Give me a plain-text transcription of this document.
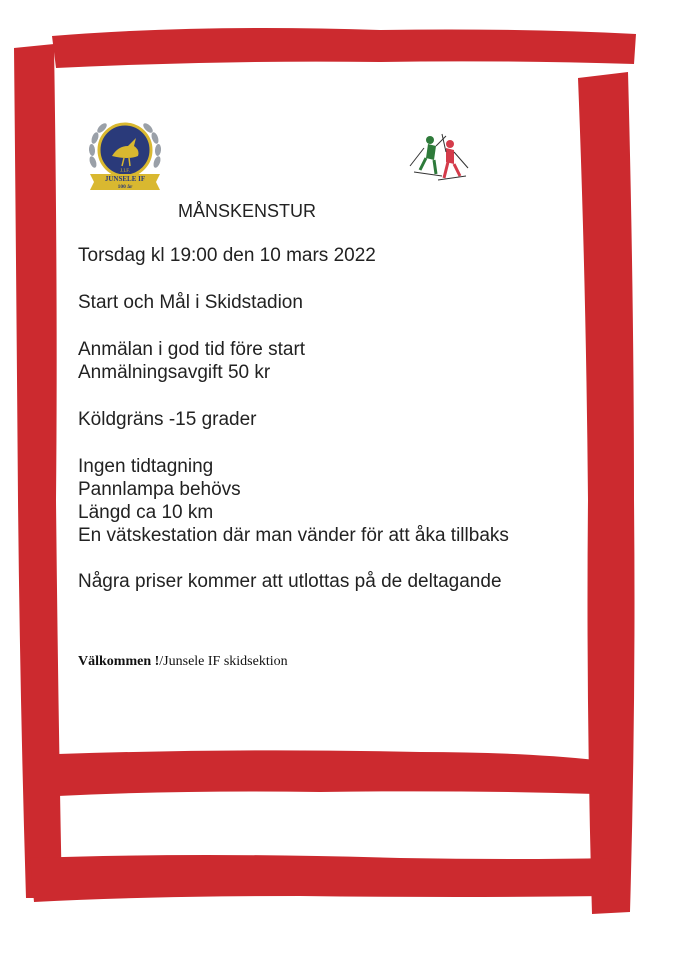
J.I.F.
JUNSELE IF
100 år
MÅNSKENSTUR
Torsdag kl 19:00 den 10 mars 2022
Start och Mål i Skidstadion
Anmälan i god tid före start
Anmälningsavgift 50 kr
Köldgräns -15 grader
Ingen tidtagning
Pannlampa behövs
Längd ca 10 km
En vätskestation där man vänder för att åka tillbaks
Några priser kommer att utlottas på de deltagande
Välkommen !/Junsele IF skidsektion
